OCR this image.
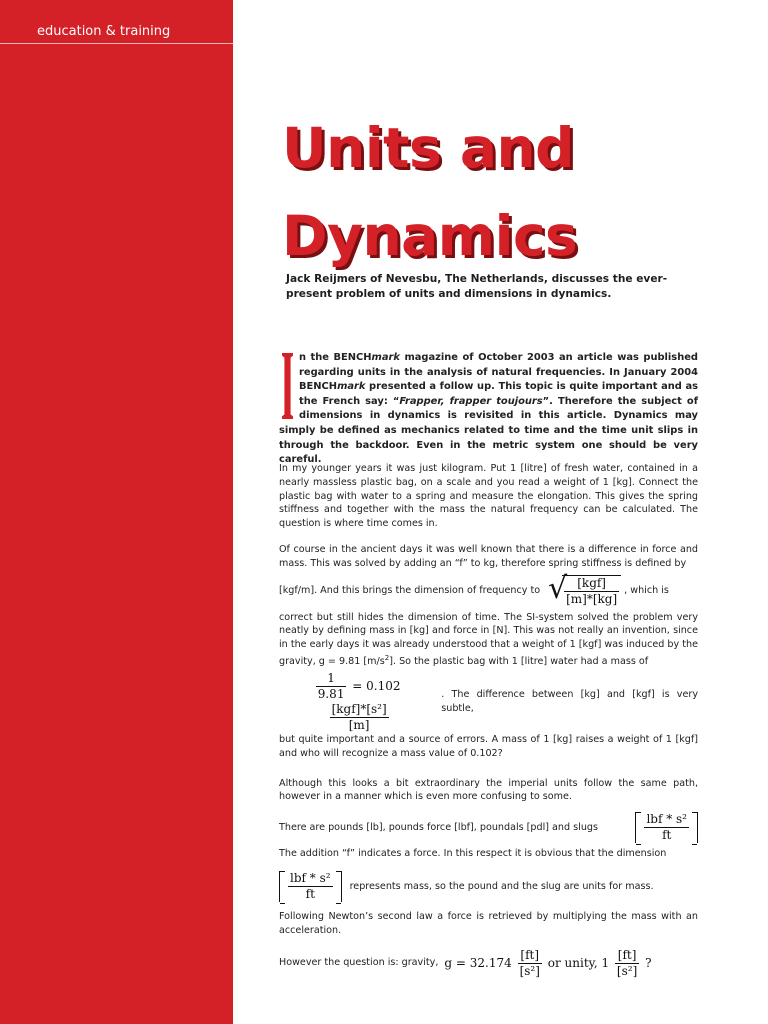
education & training
Units and
Dynamics

Jack Reijmers of Nevesbu, The Netherlands, discusses the ever-present problem of units and dimensions in dynamics.

n the BENCHmark magazine of October 2003 an article was published regarding units in the analysis of natural frequencies. In January 2004 BENCHmark presented a follow up. This topic is quite important and as the French say: “Frapper, frapper toujours”. Therefore the subject of dimensions in dynamics is revisited in this article. Dynamics may simply be defined as mechanics related to time and the time unit slips in through the backdoor. Even in the metric system one should be very careful.

In my younger years it was just kilogram. Put 1 [litre] of fresh water, contained in a nearly massless plastic bag, on a scale and you read a weight of 1 [kg]. Connect the plastic bag with water to a spring and measure the elongation. This gives the spring stiffness and together with the mass the natural frequency can be calculated. The question is where time comes in.

Of course in the ancient days it was well known that there is a difference in force and mass. This was solved by adding an “f” to kg, therefore spring stiffness is defined by

[kgf/m]. And this brings the dimension of frequency to √
$\frac{\text{[kgf]}}{[m]*[kg]}$ , which is

correct but still hides the dimension of time. The SI-system solved the problem very neatly by defining mass in [kg] and force in [N]. This was not really an invention, since in the early days it was already understood that a weight of 1 [kgf] was induced by the gravity, g = 9.81 $[m/s^2]$. So the plastic bag with 1 [litre] water had a mass of

$\frac{1}{9.81} = 0.102$
$\frac{\text{[kgf]*[s²]}}{[m]}$
. The difference between [kg] and [kgf] is very subtle,

but quite important and a source of errors. A mass of 1 [kg] raises a weight of 1 [kgf] and who will recognize a mass value of 0.102?

Although this looks a bit extraordinary the imperial units follow the same path, however in a manner which is even more confusing to some.

There are pounds [lb], pounds force [lbf], poundals [pdl] and slugs	$\frac{\text{lbf * s²}}{ft}$

The addition “f” indicates a force. In this respect it is obvious that the dimension

$\frac{\text{lbf * s²}}{ft}$ represents mass, so the pound and the slug are units for mass.

Following Newton’s second law a force is retrieved by multiplying the mass with an acceleration.

However the question is: gravity, $g = 32.174 \frac{[ft]}{\text{[s²]}}$ or unity, $1 \frac{[ft]}{\text{[s²]}}$ ?
